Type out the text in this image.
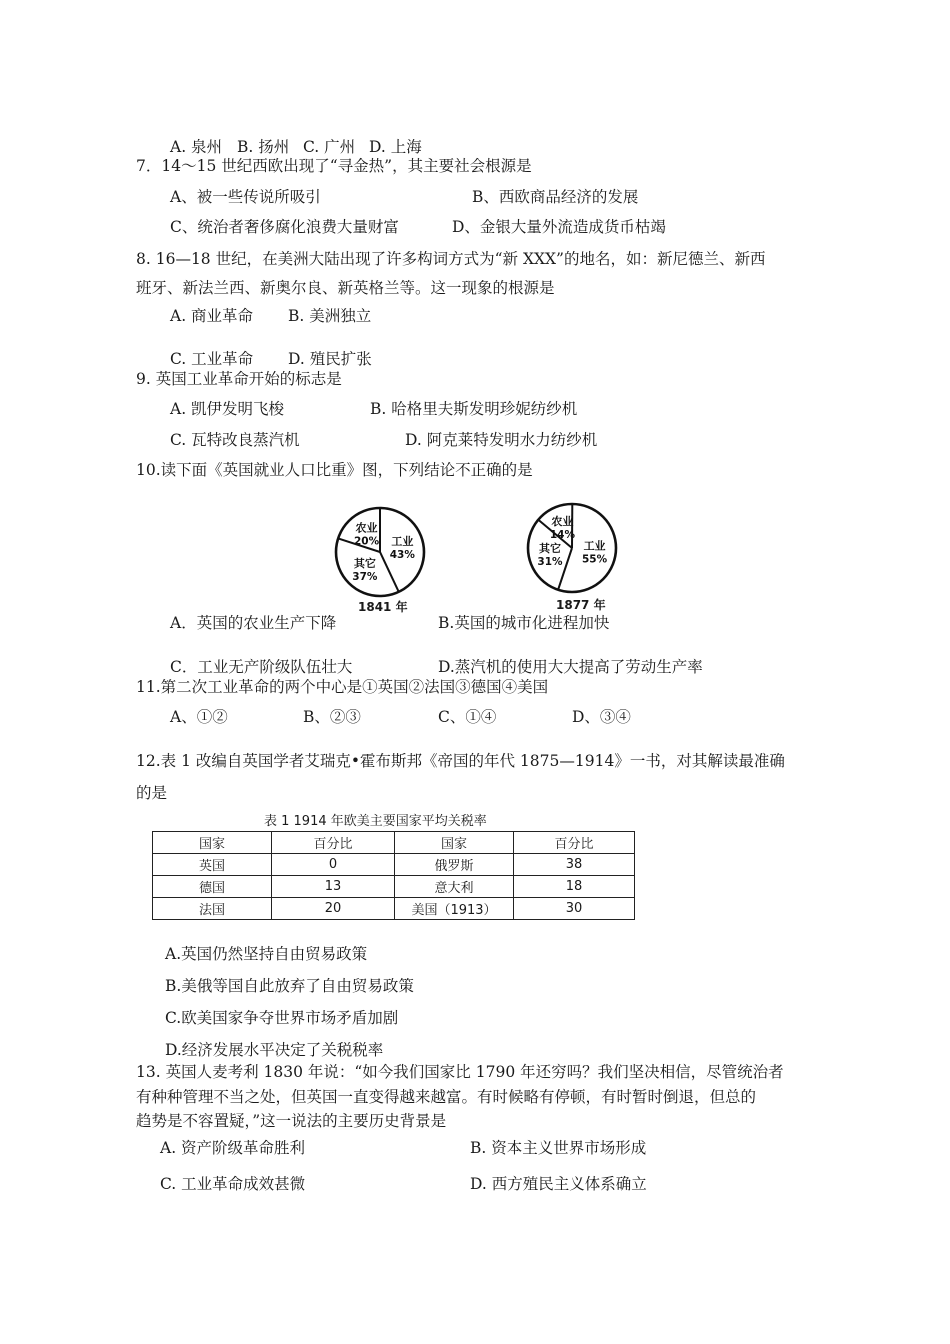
A. 泉州 B. 扬州 C. 广州 D. 上海
7．14～15 世纪西欧出现了“寻金热”，其主要社会根源是
A、被一些传说所吸引	B、西欧商品经济的发展
C、统治者奢侈腐化浪费大量财富	D、金银大量外流造成货币枯竭
8. 16—18 世纪，在美洲大陆出现了许多构词方式为“新 XXX”的地名，如：新尼德兰、新西
班牙、新法兰西、新奥尔良、新英格兰等。这一现象的根源是
A. 商业革命 B. 美洲独立
C. 工业革命 D. 殖民扩张
9. 英国工业革命开始的标志是
A. 凯伊发明飞梭	B. 哈格里夫斯发明珍妮纺纱机
C. 瓦特改良蒸汽机	D. 阿克莱特发明水力纺纱机
10.读下面《英国就业人口比重》图，下列结论不正确的是
农业
20% 工业
43%
其它
37%
1841 年
农业
14%
工业
55%
其它
31%
1877 年
A．英国的农业生产下降	B.英国的城市化进程加快
C．工业无产阶级队伍壮大	D.蒸汽机的使用大大提高了劳动生产率
11.第二次工业革命的两个中心是①英国②法国③德国④美国
A、①②	B、②③	C、①④	D、③④
12.表 1 改编自英国学者艾瑞克•霍布斯邦《帝国的年代 1875—1914》一书，对其解读最准确
的是
表 1 1914 年欧美主要国家平均关税率
国家	百分比	国家	百分比
英国	0	俄罗斯	38
德国	13	意大利	18
法国	20	美国（1913）	30
A.英国仍然坚持自由贸易政策
B.美俄等国自此放弃了自由贸易政策
C.欧美国家争夺世界市场矛盾加剧
D.经济发展水平决定了关税税率
13. 英国人麦考利 1830 年说：“如今我们国家比 1790 年还穷吗？我们坚决相信，尽管统治者
有种种管理不当之处，但英国一直变得越来越富。有时候略有停顿，有时暂时倒退，但总的
趋势是不容置疑，”这一说法的主要历史背景是
A. 资产阶级革命胜利	B. 资本主义世界市场形成
C. 工业革命成效甚微	D. 西方殖民主义体系确立
